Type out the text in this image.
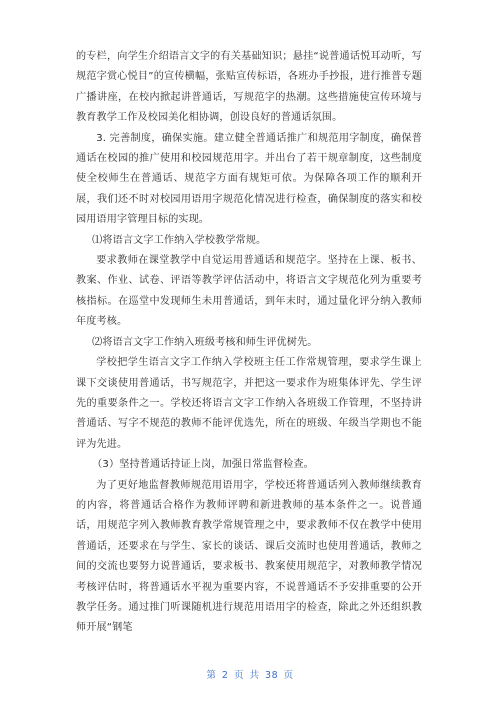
的专栏，向学生介绍语言文字的有关基础知识；悬挂“说普通话悦耳动听，写规范字赏心悦目”的宣传横幅，张贴宣传标语，各班办手抄报，进行推普专题广播讲座，在校内掀起讲普通话，写规范字的热潮。这些措施使宣传环境与教育教学工作及校园美化相协调，创设良好的普通话氛围。

3. 完善制度，确保实施。建立健全普通话推广和规范用字制度，确保普通话在校园的推广使用和校园规范用字。并出台了若干规章制度，这些制度使全校师生在普通话、规范字方面有规矩可依。为保障各项工作的顺利开展，我们还不时对校园用语用字规范化情况进行检查，确保制度的落实和校园用语用字管理目标的实现。

⑴将语言文字工作纳入学校教学常规。

要求教师在课堂教学中自觉运用普通话和规范字。坚持在上课、板书、教案、作业、试卷、评语等教学评估活动中，将语言文字规范化列为重要考核指标。在巡堂中发现师生未用普通话，到年末时，通过量化评分纳入教师年度考核。

⑵将语言文字工作纳入班级考核和师生评优树先。

学校把学生语言文字工作纳入学校班主任工作常规管理，要求学生课上课下交谈使用普通话，书写规范字，并把这一要求作为班集体评先、学生评先的重要条件之一。学校还将语言文字工作纳入各班级工作管理，不坚持讲普通话、写字不规范的教师不能评优选先，所在的班级、年级当学期也不能评为先进。

（3）坚持普通话持证上岗，加强日常监督检查。

为了更好地监督教师规范用语用字，学校还将普通话列入教师继续教育的内容，将普通话合格作为教师评聘和新进教师的基本条件之一。说普通话，用规范字列入教师教育教学常规管理之中，要求教师不仅在教学中使用普通话，还要求在与学生、家长的谈话、课后交流时也使用普通话，教师之间的交流也要努力说普通话，要求板书、教案使用规范字，对教师教学情况考核评估时，将普通话水平视为重要内容，不说普通话不予安排重要的公开教学任务。通过推门听课随机进行规范用语用字的检查，除此之外还组织教师开展“钢笔

第 2 页 共 38 页
